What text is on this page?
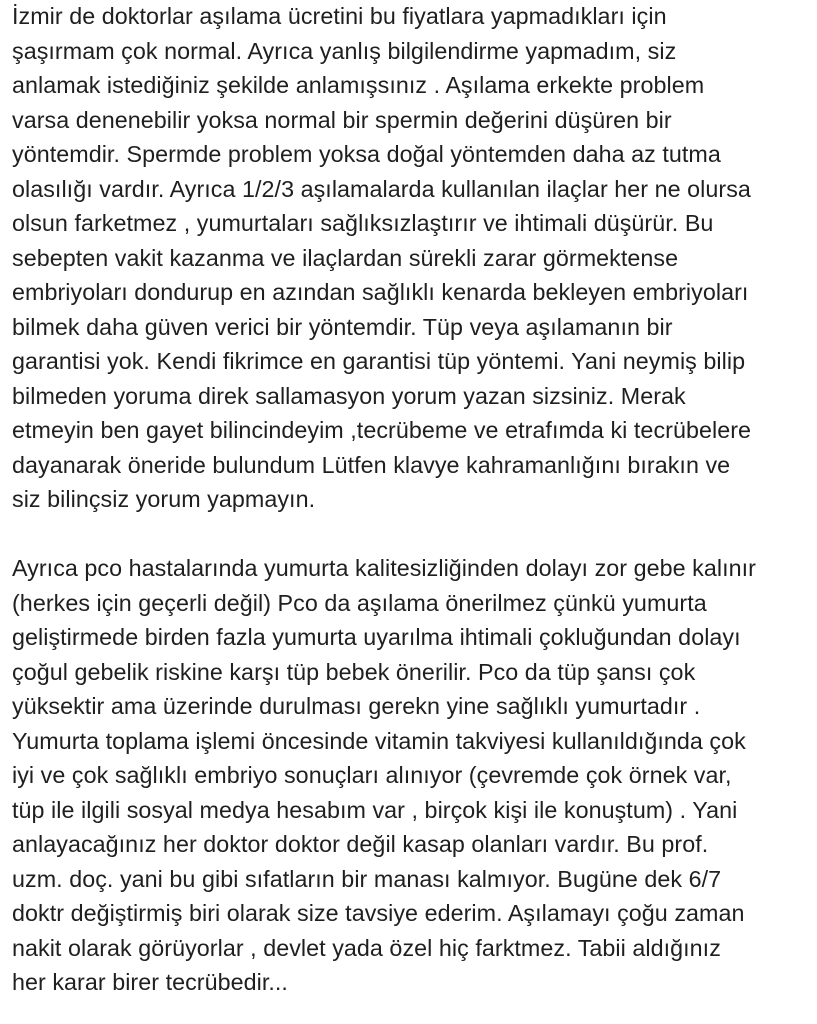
İzmir de doktorlar aşılama ücretini bu fiyatlara yapmadıkları için
şaşırmam çok normal. Ayrıca yanlış bilgilendirme yapmadım, siz
anlamak istediğiniz şekilde anlamışsınız . Aşılama erkekte problem
varsa denenebilir yoksa normal bir spermin değerini düşüren bir
yöntemdir. Spermde problem yoksa doğal yöntemden daha az tutma
olasılığı vardır. Ayrıca 1/2/3 aşılamalarda kullanılan ilaçlar her ne olursa
olsun farketmez , yumurtaları sağlıksızlaştırır ve ihtimali düşürür. Bu
sebepten vakit kazanma ve ilaçlardan sürekli zarar görmektense
embriyoları dondurup en azından sağlıklı kenarda bekleyen embriyoları
bilmek daha güven verici bir yöntemdir. Tüp veya aşılamanın bir
garantisi yok. Kendi fikrimce en garantisi tüp yöntemi. Yani neymiş bilip
bilmeden yoruma direk sallamasyon yorum yazan sizsiniz. Merak
etmeyin ben gayet bilincindeyim ,tecrübeme ve etrafımda ki tecrübelere
dayanarak öneride bulundum Lütfen klavye kahramanlığını bırakın ve
siz bilinçsiz yorum yapmayın.

Ayrıca pco hastalarında yumurta kalitesizliğinden dolayı zor gebe kalınır
(herkes için geçerli değil) Pco da aşılama önerilmez çünkü yumurta
geliştirmede birden fazla yumurta uyarılma ihtimali çokluğundan dolayı
çoğul gebelik riskine karşı tüp bebek önerilir. Pco da tüp şansı çok
yüksektir ama üzerinde durulması gerekn yine sağlıklı yumurtadır .
Yumurta toplama işlemi öncesinde vitamin takviyesi kullanıldığında çok
iyi ve çok sağlıklı embriyo sonuçları alınıyor (çevremde çok örnek var,
tüp ile ilgili sosyal medya hesabım var , birçok kişi ile konuştum) . Yani
anlayacağınız her doktor doktor değil kasap olanları vardır. Bu prof.
uzm. doç. yani bu gibi sıfatların bir manası kalmıyor. Bugüne dek 6/7
doktr değiştirmiş biri olarak size tavsiye ederim. Aşılamayı çoğu zaman
nakit olarak görüyorlar , devlet yada özel hiç farktmez. Tabii aldığınız
her karar birer tecrübedir...
